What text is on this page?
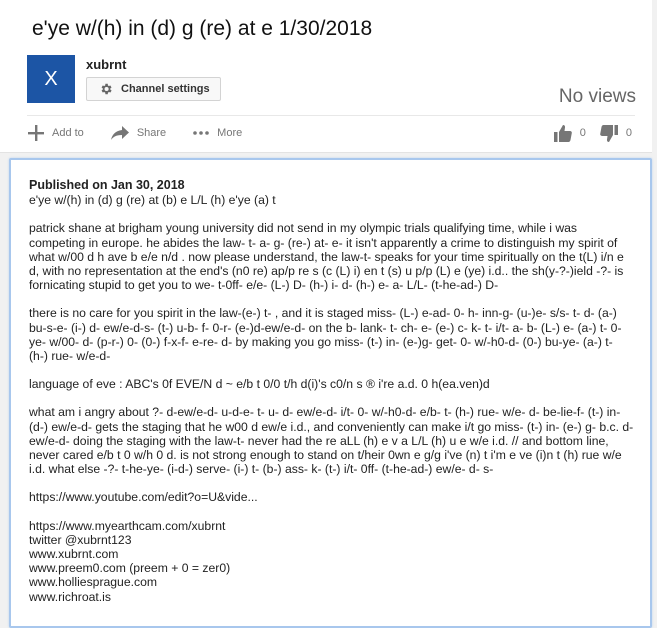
e'ye w/(h) in (d) g (re) at e 1/30/2018
X
xubrnt
Channel settings	No views
Add to	Share	More	0	0
Published on Jan 30, 2018
e'ye w/(h) in (d) g (re) at (b) e L/L (h) e'ye (a) t
patrick shane at brigham young university did not send in my olympic trials qualifying time, while i was competing in europe. he abides the law- t- a- g- (re-) at- e- it isn't apparently a crime to distinguish my spirit of what w/00 d h ave b e/e n/d . now please understand, the law-t- speaks for your time spiritually on the t(L) i/n e d, with no representation at the end's (n0 re) ap/p re s (c (L) i) en t (s) u p/p (L) e (ye) i.d.. the sh(y-?-)ield -?- is fornicating stupid to get you to we- t-0ff- e/e- (L-) D- (h-) i- d- (h-) e- a- L/L- (t-he-ad-) D-
there is no care for you spirit in the law-(e-) t- , and it is staged miss- (L-) e-ad- 0- h- inn-g- (u-)e- s/s- t- d- (a-) bu-s-e- (i-) d- ew/e-d-s- (t-) u-b- f- 0-r- (e-)d-ew/e-d- on the b- lank- t- ch- e- (e-) c- k- t- i/t- a- b- (L-) e- (a-) t- 0- ye- w/00- d- (p-r-) 0- (0-) f-x-f- e-re- d- by making you go miss- (t-) in- (e-)g- get- 0- w/-h0-d- (0-) bu-ye- (a-) t- (h-) rue- w/e-d-
language of eve : ABC's 0f EVE/N d ~ e/b t 0/0 t/h d(i)'s c0/n s ® i're a.d. 0 h(ea.ven)d
what am i angry about ?- d-ew/e-d- u-d-e- t- u- d- ew/e-d- i/t- 0- w/-h0-d- e/b- t- (h-) rue- w/e- d- be-lie-f- (t-) in- (d-) ew/e-d- gets the staging that he w00 d ew/e i.d., and conveniently can make i/t go miss- (t-) in- (e-) g- b.c. d-ew/e-d- doing the staging with the law-t- never had the re aLL (h) e v a L/L (h) u e w/e i.d. // and bottom line, never cared e/b t 0 w/h 0 d. is not strong enough to stand on t/heir 0wn e g/g i've (n) t i'm e ve (i)n t (h) rue w/e i.d. what else -?- t-he-ye- (i-d-) serve- (i-) t- (b-) ass- k- (t-) i/t- 0ff- (t-he-ad-) ew/e- d- s-
https://www.youtube.com/edit?o=U&vide...
https://www.myearthcam.com/xubrnt
twitter @xubrnt123
www.xubrnt.com
www.preem0.com (preem + 0 = zer0)
www.holliesprague.com
www.richroat.is
